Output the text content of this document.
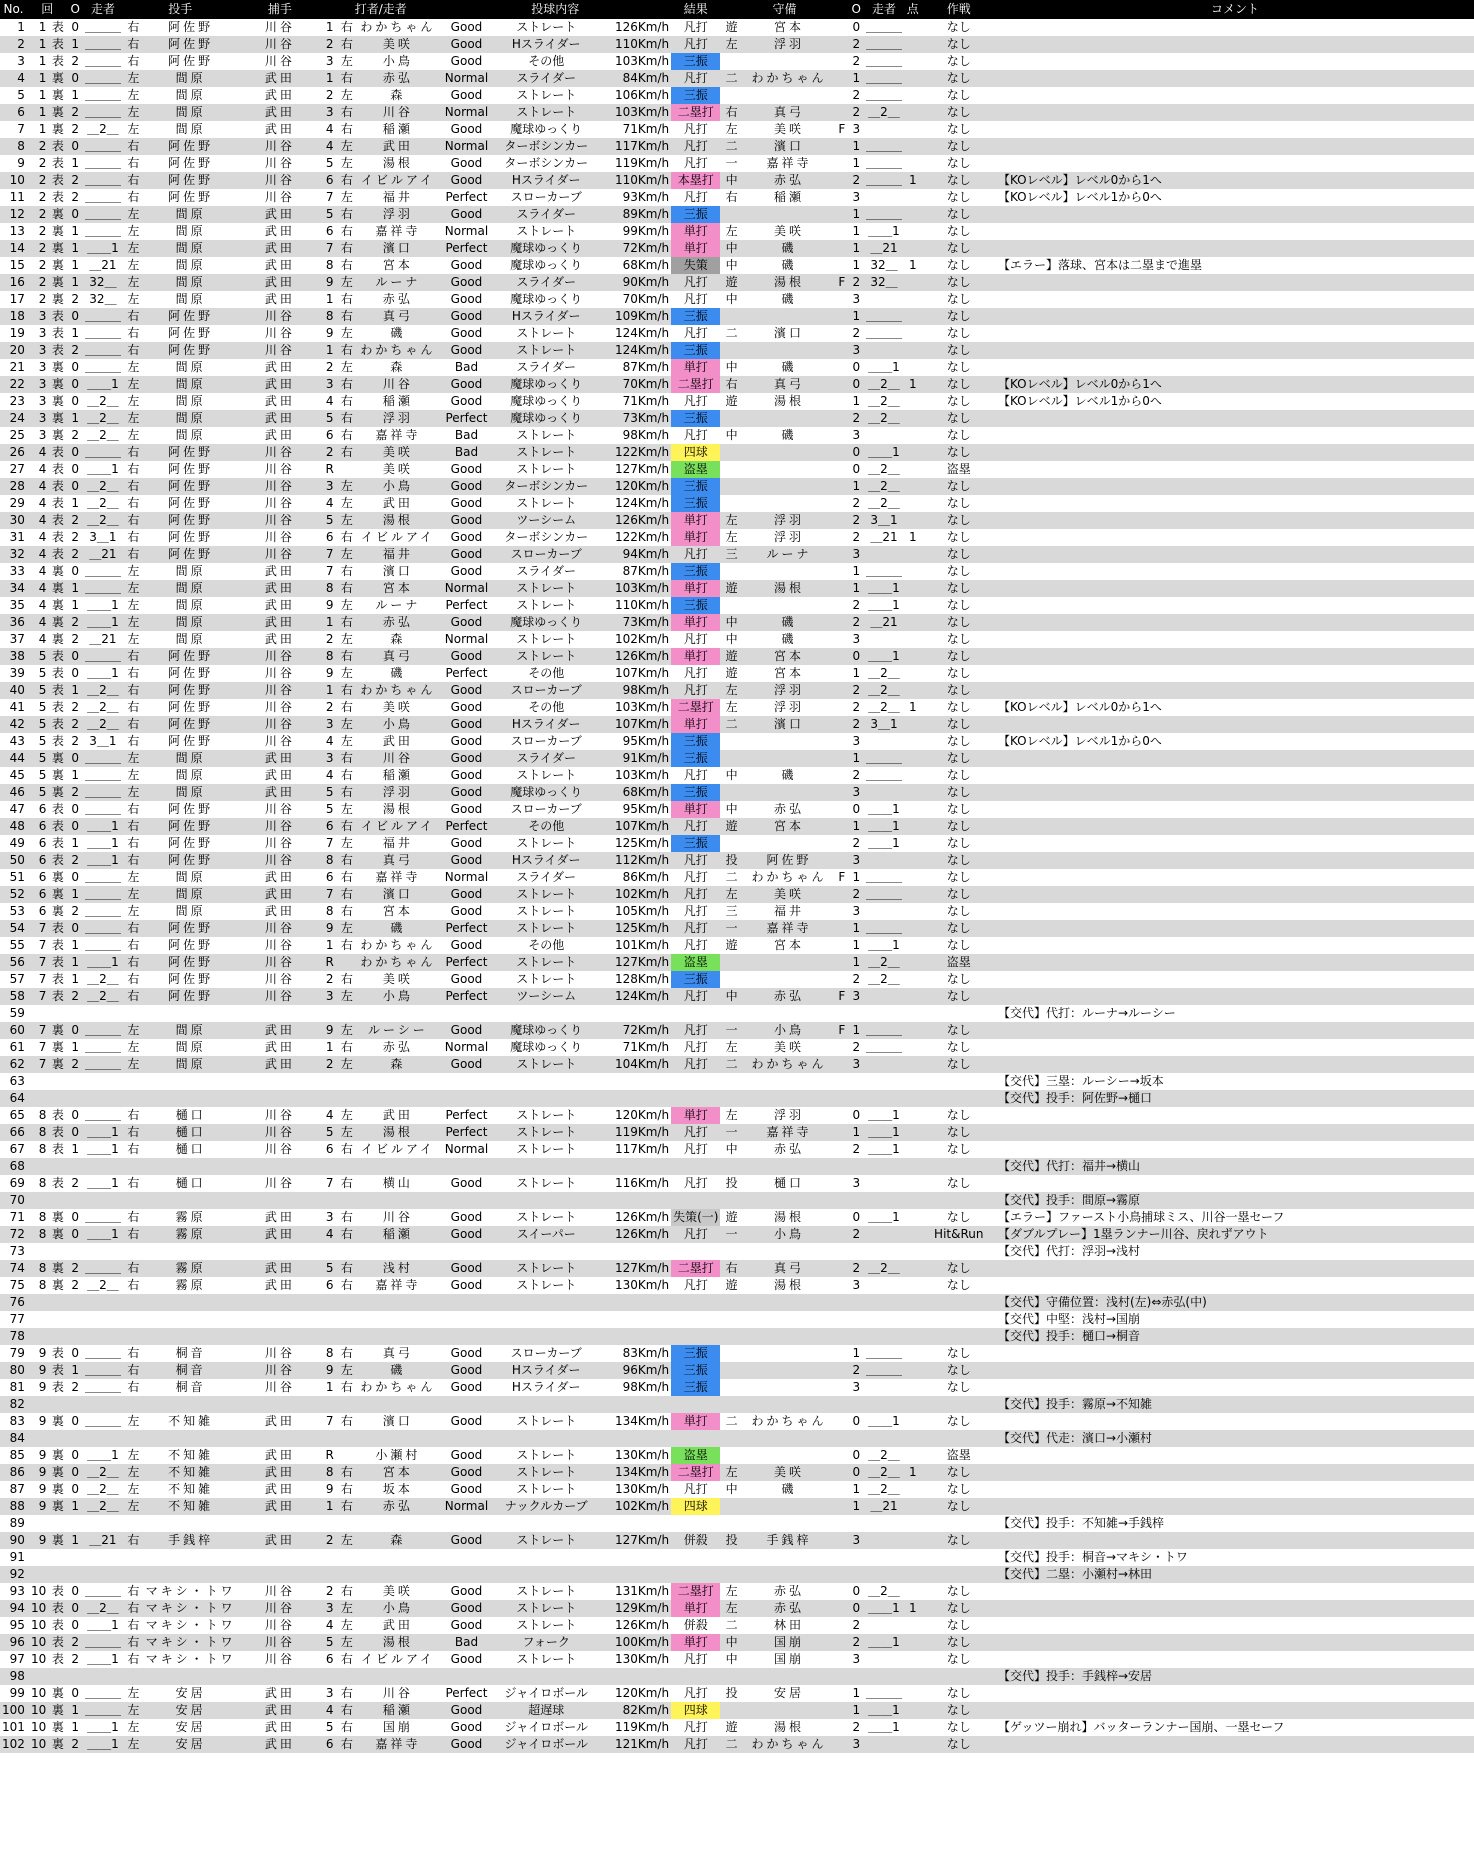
No.	回		O	走者	投手		捕手	打者/走者			投球内容			結果	守備			O	走者	点	作戦	コメント
1	1	表	0	＿＿＿	右	阿佐野	川谷	1	右	わかちゃん	Good	ストレート	126Km/h	凡打	遊	宮本		0	＿＿＿		なし	
2	1	表	1	＿＿＿	右	阿佐野	川谷	2	右	美咲	Good	Hスライダー	110Km/h	凡打	左	浮羽		2	＿＿＿		なし	
3	1	表	2	＿＿＿	右	阿佐野	川谷	3	左	小鳥	Good	その他	103Km/h	三振				2	＿＿＿		なし	
4	1	裏	0	＿＿＿	左	間原	武田	1	右	赤弘	Normal	スライダー	84Km/h	凡打	二	わかちゃん		1	＿＿＿		なし	
5	1	裏	1	＿＿＿	左	間原	武田	2	左	森	Good	ストレート	106Km/h	三振				2	＿＿＿		なし	
6	1	裏	2	＿＿＿	左	間原	武田	3	右	川谷	Normal	ストレート	103Km/h	二塁打	右	真弓		2	＿2＿		なし	
7	1	裏	2	＿2＿	左	間原	武田	4	右	稲瀬	Good	魔球ゆっくり	71Km/h	凡打	左	美咲	F	3			なし	
8	2	表	0	＿＿＿	右	阿佐野	川谷	4	左	武田	Normal	ターボシンカー	117Km/h	凡打	二	濱口		1	＿＿＿		なし	
9	2	表	1	＿＿＿	右	阿佐野	川谷	5	左	湯根	Good	ターボシンカー	119Km/h	凡打	一	嘉祥寺		1	＿＿＿		なし	
10	2	表	2	＿＿＿	右	阿佐野	川谷	6	右	イビルアイ	Good	Hスライダー	110Km/h	本塁打	中	赤弘		2	＿＿＿	1	なし	【KOレベル】レベル0から1へ
11	2	表	2	＿＿＿	右	阿佐野	川谷	7	左	福井	Perfect	スローカーブ	93Km/h	凡打	右	稲瀬		3			なし	【KOレベル】レベル1から0へ
12	2	裏	0	＿＿＿	左	間原	武田	5	右	浮羽	Good	スライダー	89Km/h	三振				1	＿＿＿		なし	
13	2	裏	1	＿＿＿	左	間原	武田	6	右	嘉祥寺	Normal	ストレート	99Km/h	単打	左	美咲		1	＿＿1		なし	
14	2	裏	1	＿＿1	左	間原	武田	7	右	濱口	Perfect	魔球ゆっくり	72Km/h	単打	中	磯		1	＿21		なし	
15	2	裏	1	＿21	左	間原	武田	8	右	宮本	Good	魔球ゆっくり	68Km/h	失策	中	磯		1	32＿	1	なし	【エラー】落球、宮本は二塁まで進塁
16	2	裏	1	32＿	左	間原	武田	9	左	ルーナ	Good	スライダー	90Km/h	凡打	遊	湯根	F	2	32＿		なし	
17	2	裏	2	32＿	左	間原	武田	1	右	赤弘	Good	魔球ゆっくり	70Km/h	凡打	中	磯		3			なし	
18	3	表	0	＿＿＿	右	阿佐野	川谷	8	右	真弓	Good	Hスライダー	109Km/h	三振				1	＿＿＿		なし	
19	3	表	1	＿＿＿	右	阿佐野	川谷	9	左	磯	Good	ストレート	124Km/h	凡打	二	濱口		2	＿＿＿		なし	
20	3	表	2	＿＿＿	右	阿佐野	川谷	1	右	わかちゃん	Good	ストレート	124Km/h	三振				3			なし	
21	3	裏	0	＿＿＿	左	間原	武田	2	左	森	Bad	スライダー	87Km/h	単打	中	磯		0	＿＿1		なし	
22	3	裏	0	＿＿1	左	間原	武田	3	右	川谷	Good	魔球ゆっくり	70Km/h	二塁打	右	真弓		0	＿2＿	1	なし	【KOレベル】レベル0から1へ
23	3	裏	0	＿2＿	左	間原	武田	4	右	稲瀬	Good	魔球ゆっくり	71Km/h	凡打	遊	湯根		1	＿2＿		なし	【KOレベル】レベル1から0へ
24	3	裏	1	＿2＿	左	間原	武田	5	右	浮羽	Perfect	魔球ゆっくり	73Km/h	三振				2	＿2＿		なし	
25	3	裏	2	＿2＿	左	間原	武田	6	右	嘉祥寺	Bad	ストレート	98Km/h	凡打	中	磯		3			なし	
26	4	表	0	＿＿＿	右	阿佐野	川谷	2	右	美咲	Bad	ストレート	122Km/h	四球				0	＿＿1		なし	
27	4	表	0	＿＿1	右	阿佐野	川谷	R		美咲	Good	ストレート	127Km/h	盗塁				0	＿2＿		盗塁	
28	4	表	0	＿2＿	右	阿佐野	川谷	3	左	小鳥	Good	ターボシンカー	120Km/h	三振				1	＿2＿		なし	
29	4	表	1	＿2＿	右	阿佐野	川谷	4	左	武田	Good	ストレート	124Km/h	三振				2	＿2＿		なし	
30	4	表	2	＿2＿	右	阿佐野	川谷	5	左	湯根	Good	ツーシーム	126Km/h	単打	左	浮羽		2	3＿1		なし	
31	4	表	2	3＿1	右	阿佐野	川谷	6	右	イビルアイ	Good	ターボシンカー	122Km/h	単打	左	浮羽		2	＿21	1	なし	
32	4	表	2	＿21	右	阿佐野	川谷	7	左	福井	Good	スローカーブ	94Km/h	凡打	三	ルーナ		3			なし	
33	4	裏	0	＿＿＿	左	間原	武田	7	右	濱口	Good	スライダー	87Km/h	三振				1	＿＿＿		なし	
34	4	裏	1	＿＿＿	左	間原	武田	8	右	宮本	Normal	ストレート	103Km/h	単打	遊	湯根		1	＿＿1		なし	
35	4	裏	1	＿＿1	左	間原	武田	9	左	ルーナ	Perfect	ストレート	110Km/h	三振				2	＿＿1		なし	
36	4	裏	2	＿＿1	左	間原	武田	1	右	赤弘	Good	魔球ゆっくり	73Km/h	単打	中	磯		2	＿21		なし	
37	4	裏	2	＿21	左	間原	武田	2	左	森	Normal	ストレート	102Km/h	凡打	中	磯		3			なし	
38	5	表	0	＿＿＿	右	阿佐野	川谷	8	右	真弓	Good	ストレート	126Km/h	単打	遊	宮本		0	＿＿1		なし	
39	5	表	0	＿＿1	右	阿佐野	川谷	9	左	磯	Perfect	その他	107Km/h	凡打	遊	宮本		1	＿2＿		なし	
40	5	表	1	＿2＿	右	阿佐野	川谷	1	右	わかちゃん	Good	スローカーブ	98Km/h	凡打	左	浮羽		2	＿2＿		なし	
41	5	表	2	＿2＿	右	阿佐野	川谷	2	右	美咲	Good	その他	103Km/h	二塁打	左	浮羽		2	＿2＿	1	なし	【KOレベル】レベル0から1へ
42	5	表	2	＿2＿	右	阿佐野	川谷	3	左	小鳥	Good	Hスライダー	107Km/h	単打	二	濱口		2	3＿1		なし	
43	5	表	2	3＿1	右	阿佐野	川谷	4	左	武田	Good	スローカーブ	95Km/h	三振				3			なし	【KOレベル】レベル1から0へ
44	5	裏	0	＿＿＿	左	間原	武田	3	右	川谷	Good	スライダー	91Km/h	三振				1	＿＿＿		なし	
45	5	裏	1	＿＿＿	左	間原	武田	4	右	稲瀬	Good	ストレート	103Km/h	凡打	中	磯		2	＿＿＿		なし	
46	5	裏	2	＿＿＿	左	間原	武田	5	右	浮羽	Good	魔球ゆっくり	68Km/h	三振				3			なし	
47	6	表	0	＿＿＿	右	阿佐野	川谷	5	左	湯根	Good	スローカーブ	95Km/h	単打	中	赤弘		0	＿＿1		なし	
48	6	表	0	＿＿1	右	阿佐野	川谷	6	右	イビルアイ	Perfect	その他	107Km/h	凡打	遊	宮本		1	＿＿1		なし	
49	6	表	1	＿＿1	右	阿佐野	川谷	7	左	福井	Good	ストレート	125Km/h	三振				2	＿＿1		なし	
50	6	表	2	＿＿1	右	阿佐野	川谷	8	右	真弓	Good	Hスライダー	112Km/h	凡打	投	阿佐野		3			なし	
51	6	裏	0	＿＿＿	左	間原	武田	6	右	嘉祥寺	Normal	スライダー	86Km/h	凡打	二	わかちゃん	F	1	＿＿＿		なし	
52	6	裏	1	＿＿＿	左	間原	武田	7	右	濱口	Good	ストレート	102Km/h	凡打	左	美咲		2	＿＿＿		なし	
53	6	裏	2	＿＿＿	左	間原	武田	8	右	宮本	Good	ストレート	105Km/h	凡打	三	福井		3			なし	
54	7	表	0	＿＿＿	右	阿佐野	川谷	9	左	磯	Perfect	ストレート	125Km/h	凡打	一	嘉祥寺		1	＿＿＿		なし	
55	7	表	1	＿＿＿	右	阿佐野	川谷	1	右	わかちゃん	Good	その他	101Km/h	凡打	遊	宮本		1	＿＿1		なし	
56	7	表	1	＿＿1	右	阿佐野	川谷	R		わかちゃん	Perfect	ストレート	127Km/h	盗塁				1	＿2＿		盗塁	
57	7	表	1	＿2＿	右	阿佐野	川谷	2	右	美咲	Good	ストレート	128Km/h	三振				2	＿2＿		なし	
58	7	表	2	＿2＿	右	阿佐野	川谷	3	左	小鳥	Perfect	ツーシーム	124Km/h	凡打	中	赤弘	F	3			なし	
59																						【交代】代打：ルーナ→ルーシー
60	7	裏	0	＿＿＿	左	間原	武田	9	左	ルーシー	Good	魔球ゆっくり	72Km/h	凡打	一	小鳥	F	1	＿＿＿		なし	
61	7	裏	1	＿＿＿	左	間原	武田	1	右	赤弘	Normal	魔球ゆっくり	71Km/h	凡打	左	美咲		2	＿＿＿		なし	
62	7	裏	2	＿＿＿	左	間原	武田	2	左	森	Good	ストレート	104Km/h	凡打	二	わかちゃん		3			なし	
63																						【交代】三塁：ルーシー→坂本
64																						【交代】投手：阿佐野→樋口
65	8	表	0	＿＿＿	右	樋口	川谷	4	左	武田	Perfect	ストレート	120Km/h	単打	左	浮羽		0	＿＿1		なし	
66	8	表	0	＿＿1	右	樋口	川谷	5	左	湯根	Perfect	ストレート	119Km/h	凡打	一	嘉祥寺		1	＿＿1		なし	
67	8	表	1	＿＿1	右	樋口	川谷	6	右	イビルアイ	Normal	ストレート	117Km/h	凡打	中	赤弘		2	＿＿1		なし	
68																						【交代】代打：福井→横山
69	8	表	2	＿＿1	右	樋口	川谷	7	右	横山	Good	ストレート	116Km/h	凡打	投	樋口		3			なし	
70																						【交代】投手：間原→霧原
71	8	裏	0	＿＿＿	右	霧原	武田	3	右	川谷	Good	ストレート	126Km/h	失策(一)	遊	湯根		0	＿＿1		なし	【エラー】ファースト小鳥捕球ミス、川谷一塁セーフ
72	8	裏	0	＿＿1	右	霧原	武田	4	右	稲瀬	Good	スイーパー	126Km/h	凡打	一	小鳥		2			Hit&Run	【ダブルプレー】1塁ランナー川谷、戻れずアウト
73																						【交代】代打：浮羽→浅村
74	8	裏	2	＿＿＿	右	霧原	武田	5	右	浅村	Good	ストレート	127Km/h	二塁打	右	真弓		2	＿2＿		なし	
75	8	裏	2	＿2＿	右	霧原	武田	6	右	嘉祥寺	Good	ストレート	130Km/h	凡打	遊	湯根		3			なし	
76																						【交代】守備位置：浅村(左)⇔赤弘(中)
77																						【交代】中堅：浅村→国崩
78																						【交代】投手：樋口→桐音
79	9	表	0	＿＿＿	右	桐音	川谷	8	右	真弓	Good	スローカーブ	83Km/h	三振				1	＿＿＿		なし	
80	9	表	1	＿＿＿	右	桐音	川谷	9	左	磯	Good	Hスライダー	96Km/h	三振				2	＿＿＿		なし	
81	9	表	2	＿＿＿	右	桐音	川谷	1	右	わかちゃん	Good	Hスライダー	98Km/h	三振				3			なし	
82																						【交代】投手：霧原→不知雑
83	9	裏	0	＿＿＿	左	不知雑	武田	7	右	濱口	Good	ストレート	134Km/h	単打	二	わかちゃん		0	＿＿1		なし	
84																						【交代】代走：濱口→小瀬村
85	9	裏	0	＿＿1	左	不知雑	武田	R		小瀬村	Good	ストレート	130Km/h	盗塁				0	＿2＿		盗塁	
86	9	裏	0	＿2＿	左	不知雑	武田	8	右	宮本	Good	ストレート	134Km/h	二塁打	左	美咲		0	＿2＿	1	なし	
87	9	裏	0	＿2＿	左	不知雑	武田	9	右	坂本	Good	ストレート	130Km/h	凡打	中	磯		1	＿2＿		なし	
88	9	裏	1	＿2＿	左	不知雑	武田	1	右	赤弘	Normal	ナックルカーブ	102Km/h	四球				1	＿21		なし	
89																						【交代】投手：不知雑→手銭梓
90	9	裏	1	＿21	右	手銭梓	武田	2	左	森	Good	ストレート	127Km/h	併殺	投	手銭梓		3			なし	
91																						【交代】投手：桐音→マキシ・トワ
92																						【交代】二塁：小瀬村→林田
93	10	表	0	＿＿＿	右	マキシ・トワ	川谷	2	右	美咲	Good	ストレート	131Km/h	二塁打	左	赤弘		0	＿2＿		なし	
94	10	表	0	＿2＿	右	マキシ・トワ	川谷	3	左	小鳥	Good	ストレート	129Km/h	単打	左	赤弘		0	＿＿1	1	なし	
95	10	表	0	＿＿1	右	マキシ・トワ	川谷	4	左	武田	Good	ストレート	126Km/h	併殺	二	林田		2			なし	
96	10	表	2	＿＿＿	右	マキシ・トワ	川谷	5	左	湯根	Bad	フォーク	100Km/h	単打	中	国崩		2	＿＿1		なし	
97	10	表	2	＿＿1	右	マキシ・トワ	川谷	6	右	イビルアイ	Good	ストレート	130Km/h	凡打	中	国崩		3			なし	
98																						【交代】投手：手銭梓→安居
99	10	裏	0	＿＿＿	左	安居	武田	3	右	川谷	Perfect	ジャイロボール	120Km/h	凡打	投	安居		1	＿＿＿		なし	
100	10	裏	1	＿＿＿	左	安居	武田	4	右	稲瀬	Good	超遅球	82Km/h	四球				1	＿＿1		なし	
101	10	裏	1	＿＿1	左	安居	武田	5	右	国崩	Good	ジャイロボール	119Km/h	凡打	遊	湯根		2	＿＿1		なし	【ゲッツー崩れ】バッターランナー国崩、一塁セーフ
102	10	裏	2	＿＿1	左	安居	武田	6	右	嘉祥寺	Good	ジャイロボール	121Km/h	凡打	二	わかちゃん		3			なし	
